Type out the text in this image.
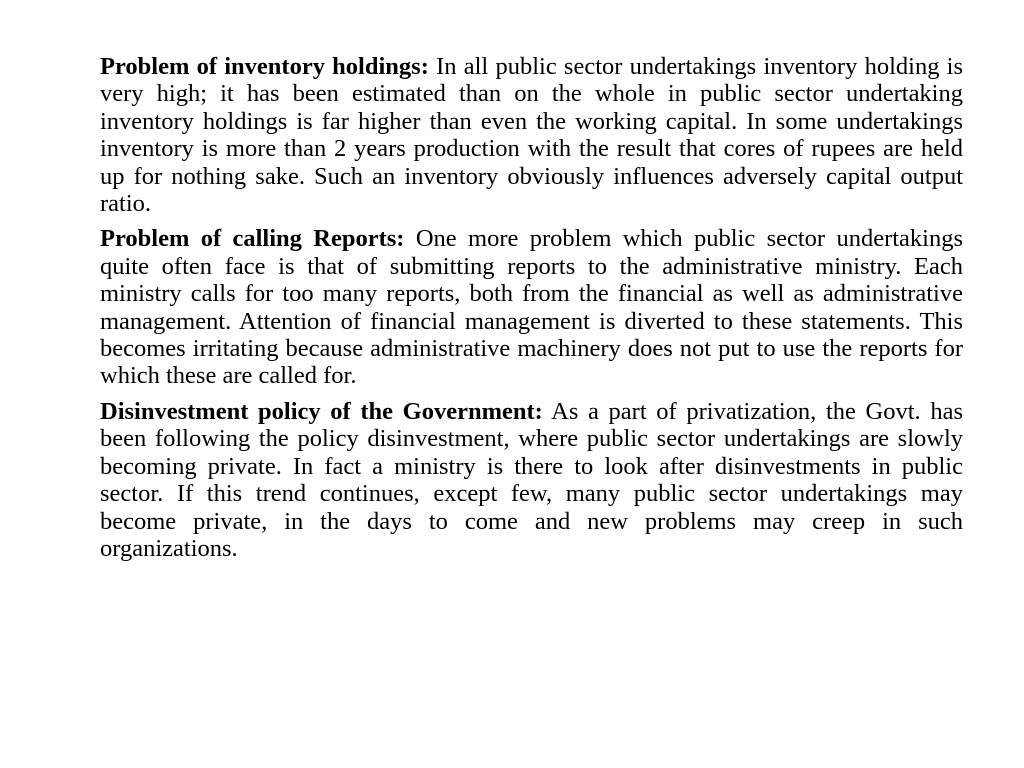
Problem of inventory holdings: In all public sector undertakings inventory holding is very high; it has been estimated than on the whole in public sector undertaking inventory holdings is far higher than even the working capital. In some undertakings inventory is more than 2 years production with the result that cores of rupees are held up for nothing sake. Such an inventory obviously influences adversely capital output ratio.

Problem of calling Reports: One more problem which public sector undertakings quite often face is that of submitting reports to the administrative ministry. Each ministry calls for too many reports, both from the financial as well as administrative management. Attention of financial management is diverted to these statements. This becomes irritating because administrative machinery does not put to use the reports for which these are called for.

Disinvestment policy of the Government: As a part of privatization, the Govt. has been following the policy disinvestment, where public sector undertakings are slowly becoming private. In fact a ministry is there to look after disinvestments in public sector. If this trend continues, except few, many public sector undertakings may become private, in the days to come and new problems may creep in such organizations.
